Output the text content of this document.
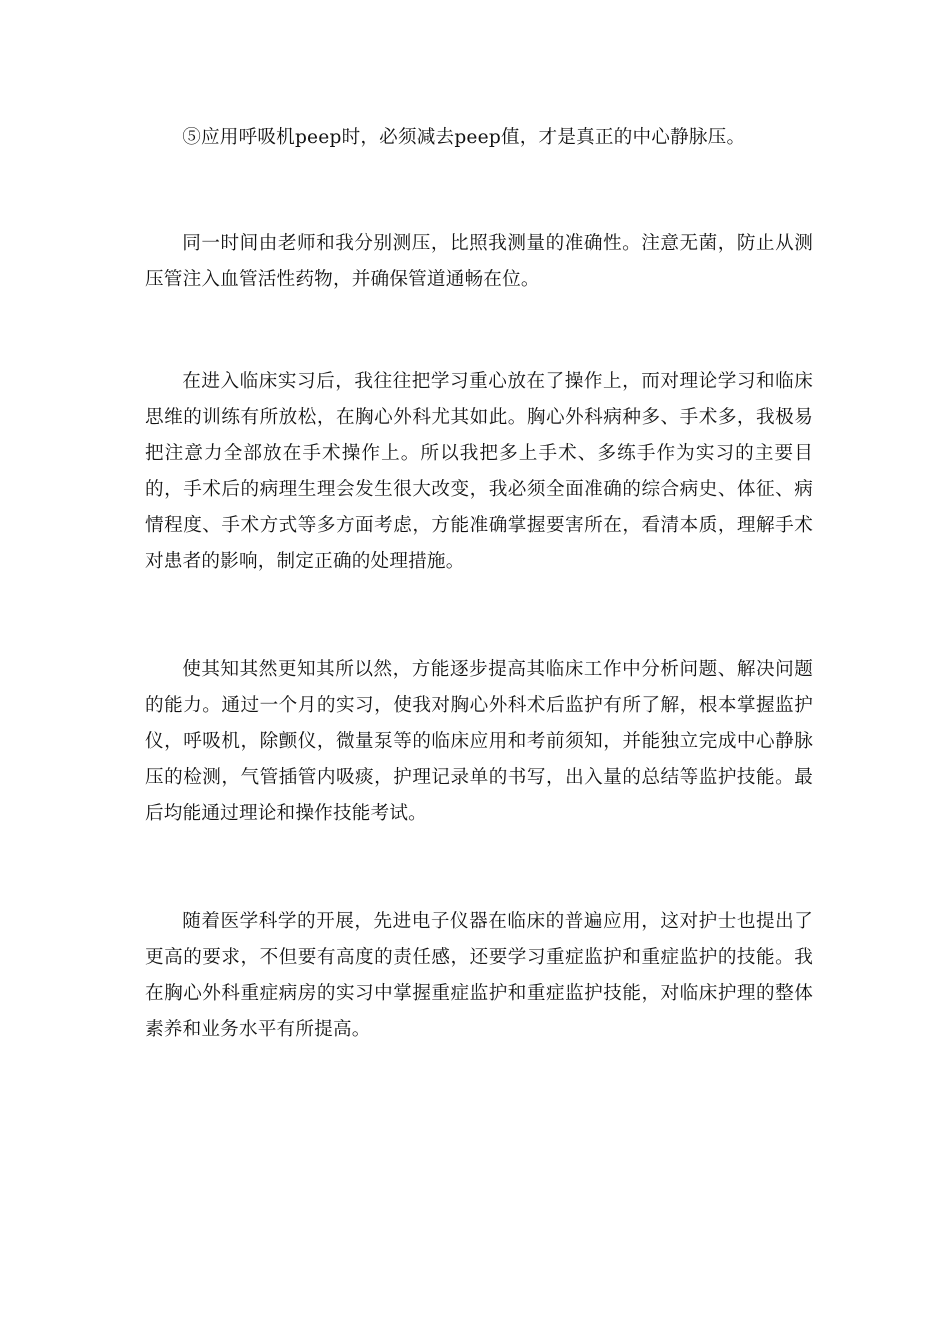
⑤应用呼吸机peep时，必须减去peep值，才是真正的中心静脉压。

同一时间由老师和我分别测压，比照我测量的准确性。注意无菌，防止从测压管注入血管活性药物，并确保管道通畅在位。

在进入临床实习后，我往往把学习重心放在了操作上，而对理论学习和临床思维的训练有所放松，在胸心外科尤其如此。胸心外科病种多、手术多，我极易把注意力全部放在手术操作上。所以我把多上手术、多练手作为实习的主要目的，手术后的病理生理会发生很大改变，我必须全面准确的综合病史、体征、病情程度、手术方式等多方面考虑，方能准确掌握要害所在，看清本质，理解手术对患者的影响，制定正确的处理措施。

使其知其然更知其所以然，方能逐步提高其临床工作中分析问题、解决问题的能力。通过一个月的实习，使我对胸心外科术后监护有所了解，根本掌握监护仪，呼吸机，除颤仪，微量泵等的临床应用和考前须知，并能独立完成中心静脉压的检测，气管插管内吸痰，护理记录单的书写，出入量的总结等监护技能。最后均能通过理论和操作技能考试。

随着医学科学的开展，先进电子仪器在临床的普遍应用，这对护士也提出了更高的要求，不但要有高度的责任感，还要学习重症监护和重症监护的技能。我在胸心外科重症病房的实习中掌握重症监护和重症监护技能，对临床护理的整体素养和业务水平有所提高。
